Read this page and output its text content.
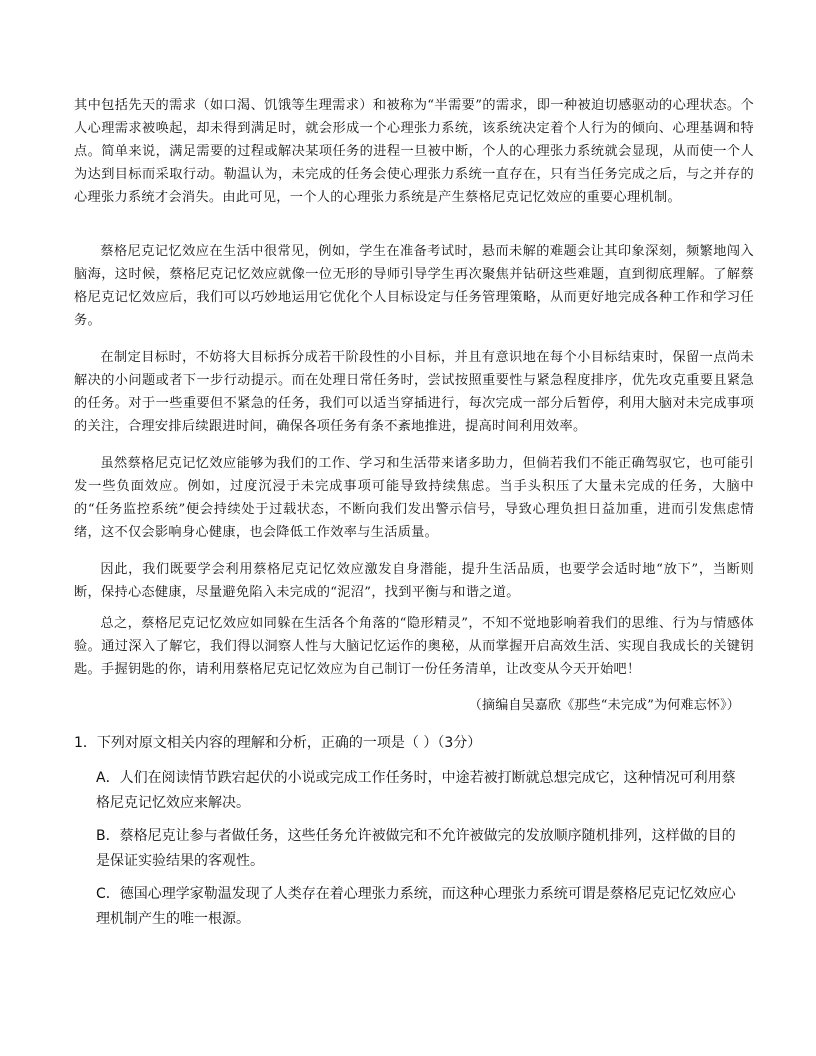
其中包括先天的需求（如口渴、饥饿等生理需求）和被称为“半需要”的需求，即一种被迫切感驱动的心理状态。个人心理需求被唤起，却未得到满足时，就会形成一个心理张力系统，该系统决定着个人行为的倾向、心理基调和特点。简单来说，满足需要的过程或解决某项任务的进程一旦被中断，个人的心理张力系统就会显现，从而使一个人为达到目标而采取行动。勒温认为，未完成的任务会使心理张力系统一直存在，只有当任务完成之后，与之并存的心理张力系统才会消失。由此可见，一个人的心理张力系统是产生蔡格尼克记忆效应的重要心理机制。

蔡格尼克记忆效应在生活中很常见，例如，学生在准备考试时，悬而未解的难题会让其印象深刻，频繁地闯入脑海，这时候，蔡格尼克记忆效应就像一位无形的导师引导学生再次聚焦并钻研这些难题，直到彻底理解。了解蔡格尼克记忆效应后，我们可以巧妙地运用它优化个人目标设定与任务管理策略，从而更好地完成各种工作和学习任务。

在制定目标时，不妨将大目标拆分成若干阶段性的小目标，并且有意识地在每个小目标结束时，保留一点尚未解决的小问题或者下一步行动提示。而在处理日常任务时，尝试按照重要性与紧急程度排序，优先攻克重要且紧急的任务。对于一些重要但不紧急的任务，我们可以适当穿插进行，每次完成一部分后暂停，利用大脑对未完成事项的关注，合理安排后续跟进时间，确保各项任务有条不紊地推进，提高时间利用效率。

虽然蔡格尼克记忆效应能够为我们的工作、学习和生活带来诸多助力，但倘若我们不能正确驾驭它，也可能引发一些负面效应。例如，过度沉浸于未完成事项可能导致持续焦虑。当手头积压了大量未完成的任务，大脑中的“任务监控系统”便会持续处于过载状态，不断向我们发出警示信号，导致心理负担日益加重，进而引发焦虑情绪，这不仅会影响身心健康，也会降低工作效率与生活质量。

因此，我们既要学会利用蔡格尼克记忆效应激发自身潜能，提升生活品质，也要学会适时地“放下”，当断则断，保持心态健康，尽量避免陷入未完成的“泥沼”，找到平衡与和谐之道。

总之，蔡格尼克记忆效应如同躲在生活各个角落的“隐形精灵”，不知不觉地影响着我们的思维、行为与情感体验。通过深入了解它，我们得以洞察人性与大脑记忆运作的奥秘，从而掌握开启高效生活、实现自我成长的关键钥匙。手握钥匙的你，请利用蔡格尼克记忆效应为自己制订一份任务清单，让改变从今天开始吧！

（摘编自吴嘉欣《那些“未完成”为何难忘怀》）
1．下列对原文相关内容的理解和分析，正确的一项是（ ）（3分）

A．人们在阅读情节跌宕起伏的小说或完成工作任务时，中途若被打断就总想完成它，这种情况可利用蔡格尼克记忆效应来解决。

B．蔡格尼克让参与者做任务，这些任务允许被做完和不允许被做完的发放顺序随机排列，这样做的目的是保证实验结果的客观性。

C．德国心理学家勒温发现了人类存在着心理张力系统，而这种心理张力系统可谓是蔡格尼克记忆效应心理机制产生的唯一根源。
